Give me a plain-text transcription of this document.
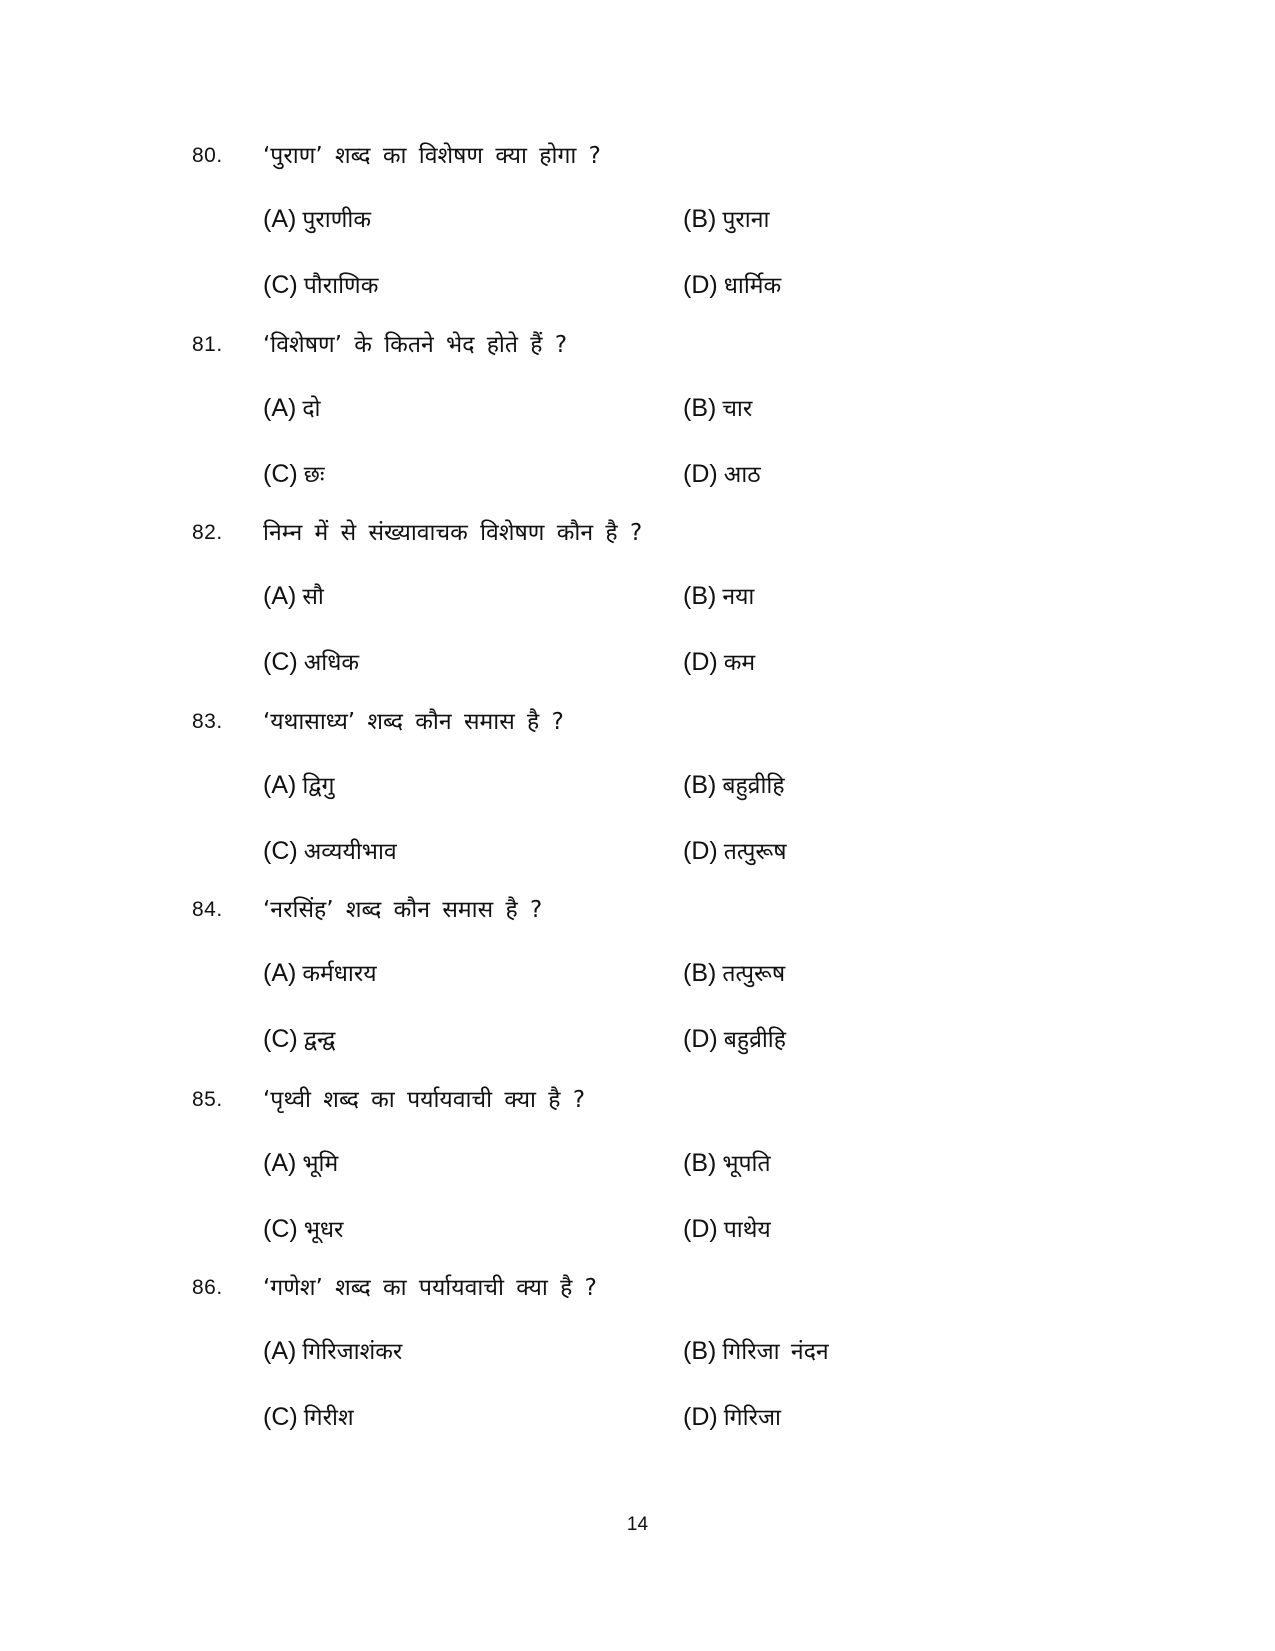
80. ‘पुराण’ शब्द का विशेषण क्या होगा ?
(A) पुराणीक	(B) पुराना
(C) पौराणिक	(D) धार्मिक
81. ‘विशेषण’ के कितने भेद होते हैं ?
(A) दो	(B) चार
(C) छः	(D) आठ
82. निम्न में से संख्यावाचक विशेषण कौन है ?
(A) सौ	(B) नया
(C) अधिक	(D) कम
83. ‘यथासाध्य’ शब्द कौन समास है ?
(A) द्विगु	(B) बहुव्रीहि
(C) अव्ययीभाव	(D) तत्पुरूष
84. ‘नरसिंह’ शब्द कौन समास है ?
(A) कर्मधारय	(B) तत्पुरूष
(C) द्वन्द्व	(D) बहुव्रीहि
85. ‘पृथ्वी शब्द का पर्यायवाची क्या है ?
(A) भूमि	(B) भूपति
(C) भूधर	(D) पाथेय
86. ‘गणेश’ शब्द का पर्यायवाची क्या है ?
(A) गिरिजाशंकर	(B) गिरिजा नंदन
(C) गिरीश	(D) गिरिजा
14
